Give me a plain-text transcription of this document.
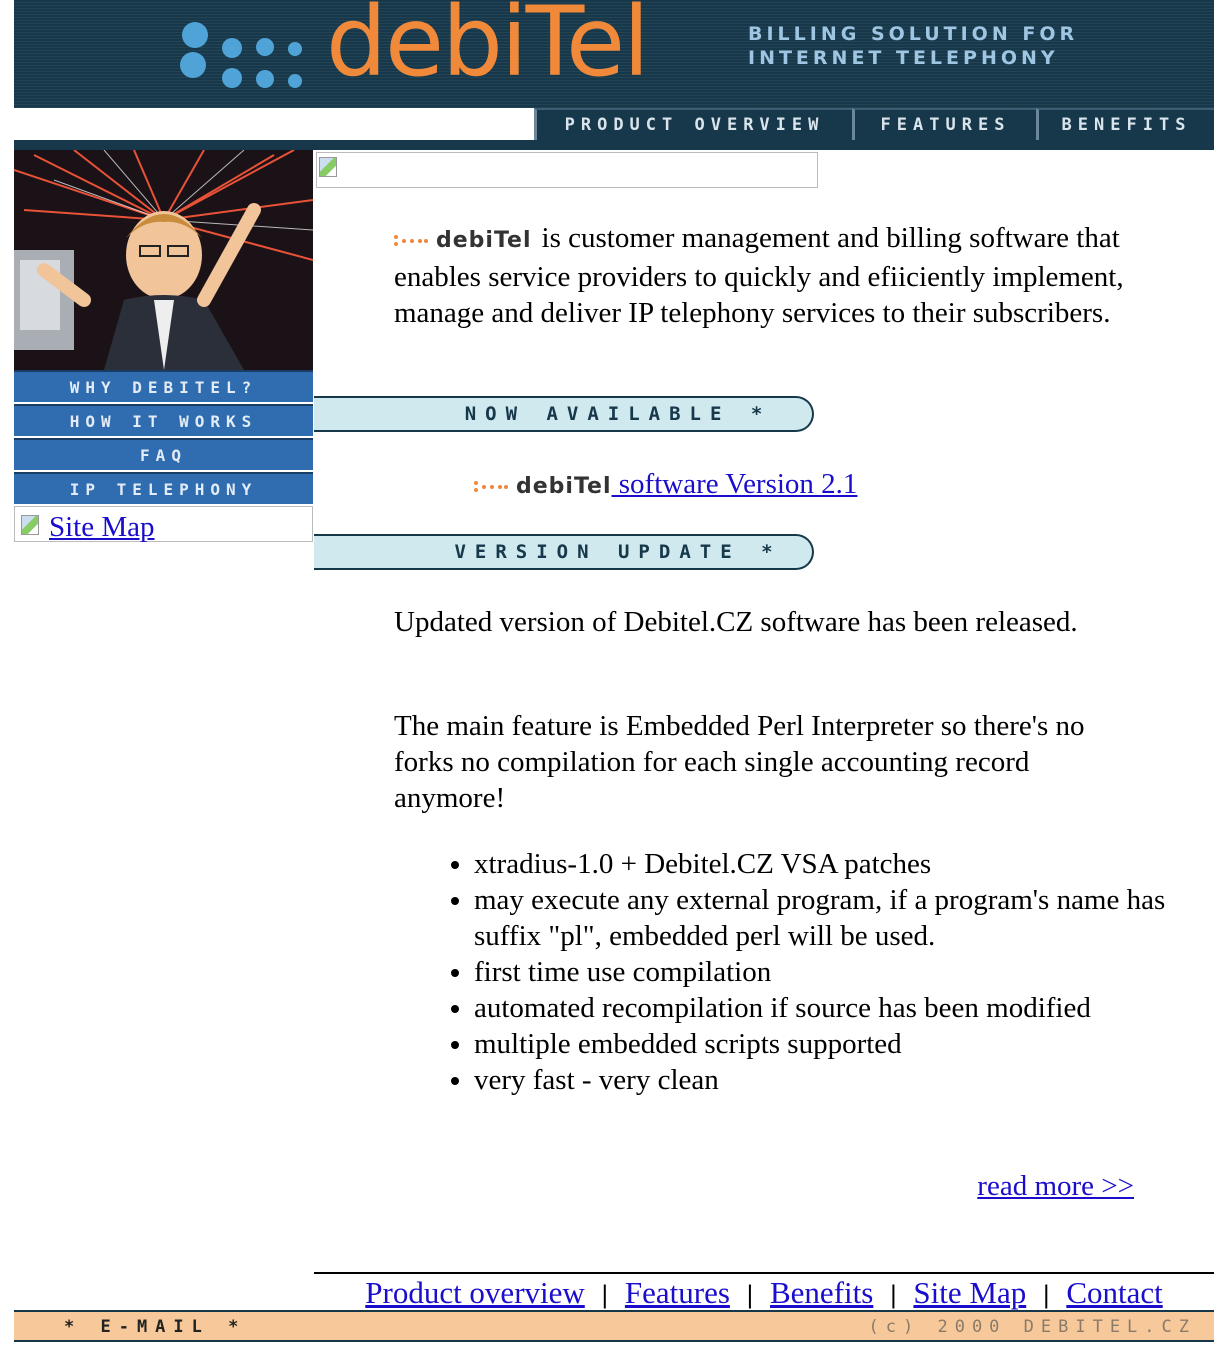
debiTel	BILLING SOLUTION FOR
INTERNET TELEPHONY
PRODUCT OVERVIEW	FEATURES	BENEFITS
WHY DEBITEL?
HOW IT WORKS
FAQ
IP TELEPHONY
Site Map
debiTel is customer management and billing software that enables service providers to quickly and efiiciently implement, manage and deliver IP telephony services to their subscribers.
NOW AVAILABLE *
debiTel software Version 2.1
VERSION UPDATE *
Updated version of Debitel.CZ software has been released.
The main feature is Embedded Perl Interpreter so there's no forks no compilation for each single accounting record anymore!
• xtradius-1.0 + Debitel.CZ VSA patches
• may execute any external program, if a program's name has suffix "pl", embedded perl will be used.
• first time use compilation
• automated recompilation if source has been modified
• multiple embedded scripts supported
• very fast - very clean
read more >>
Product overview | Features | Benefits | Site Map | Contact
* E-MAIL *	(c) 2000 DEBITEL.CZ
